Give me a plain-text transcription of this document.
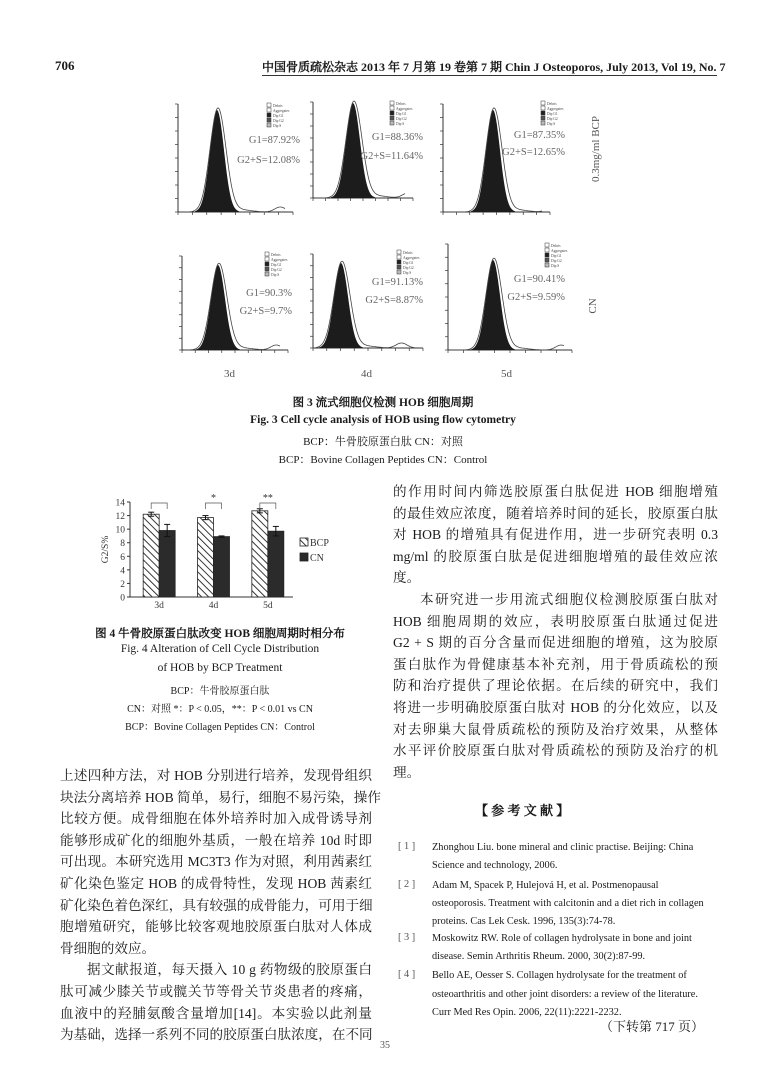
706	中国骨质疏松杂志 2013 年 7 月第 19 卷第 7 期 Chin J Osteoporos, July 2013, Vol 19, No. 7
Debris
Aggregates
Dip G1
Dip G2
Dip S
G1=87.92%
G2+S=12.08%
Debris
Aggregates
Dip G1
Dip G2
Dip S
G1=88.36%
G2+S=11.64%
Debris
Aggregates
Dip G1
Dip G2
Dip S
G1=87.35%
G2+S=12.65%
Debris
Aggregates
Dip G1
Dip G2
Dip S
G1=90.3%
G2+S=9.7%
Debris
Aggregates
Dip G1
Dip G2
Dip S
G1=91.13%
G2+S=8.87%
Debris
Aggregates
Dip G1
Dip G2
Dip S
G1=90.41%
G2+S=9.59%
0.3mg/ml BCP
CN
3d	4d	5d
图 3 流式细胞仪检测 HOB 细胞周期
Fig. 3 Cell cycle analysis of HOB using flow cytometry
BCP：牛骨胶原蛋白肽 CN：对照
BCP：Bovine Collagen Peptides CN：Control
0
2
4
6
8
10
12
14
G2/S%
3d
*
4d
**
5d
BCP
CN
图 4 牛骨胶原蛋白肽改变 HOB 细胞周期时相分布
Fig. 4 Alteration of Cell Cycle Distribution
of HOB by BCP Treatment
BCP：牛骨胶原蛋白肽
CN：对照 *：P < 0.05，**：P < 0.01 vs CN
BCP：Bovine Collagen Peptides CN：Control
上述四种方法，对 HOB 分别进行培养，发现骨组织
块法分离培养 HOB 简单，易行，细胞不易污染，操作
比较方便。成骨细胞在体外培养时加入成骨诱导剂
能够形成矿化的细胞外基质，一般在培养 10d 时即
可出现。本研究选用 MC3T3 作为对照，利用茜素红
矿化染色鉴定 HOB 的成骨特性，发现 HOB 茜素红
矿化染色着色深红，具有较强的成骨能力，可用于细
胞增殖研究，能够比较客观地胶原蛋白肽对人体成
骨细胞的效应。
据文献报道，每天摄入 10 g 药物级的胶原蛋白
肽可减少膝关节或髋关节等骨关节炎患者的疼痛，
血液中的羟脯氨酸含量增加[14]。本实验以此剂量
为基础，选择一系列不同的胶原蛋白肽浓度，在不同
的作用时间内筛选胶原蛋白肽促进 HOB 细胞增殖
的最佳效应浓度，随着培养时间的延长，胶原蛋白肽
对 HOB 的增殖具有促进作用，进一步研究表明 0.3
mg/ml 的胶原蛋白肽是促进细胞增殖的最佳效应浓
度。
本研究进一步用流式细胞仪检测胶原蛋白肽对
HOB 细胞周期的效应，表明胶原蛋白肽通过促进
G2 + S 期的百分含量而促进细胞的增殖，这为胶原
蛋白肽作为骨健康基本补充剂，用于骨质疏松的预
防和治疗提供了理论依据。在后续的研究中，我们
将进一步明确胶原蛋白肽对 HOB 的分化效应，以及
对去卵巢大鼠骨质疏松的预防及治疗效果，从整体
水平评价胶原蛋白肽对骨质疏松的预防及治疗的机
理。
【 参 考 文 献 】
[ 1 ] Zhonghou Liu. bone mineral and clinic practise. Beijing: China
Science and technology, 2006.
[ 2 ] Adam M, Spacek P, Hulejová H, et al. Postmenopausal
osteoporosis. Treatment with calcitonin and a diet rich in collagen
proteins. Cas Lek Cesk. 1996, 135(3):74-78.
[ 3 ] Moskowitz RW. Role of collagen hydrolysate in bone and joint
disease. Semin Arthritis Rheum. 2000, 30(2):87-99.
[ 4 ] Bello AE, Oesser S. Collagen hydrolysate for the treatment of
osteoarthritis and other joint disorders: a review of the literature.
Curr Med Res Opin. 2006, 22(11):2221-2232.
（下转第 717 页）
35
